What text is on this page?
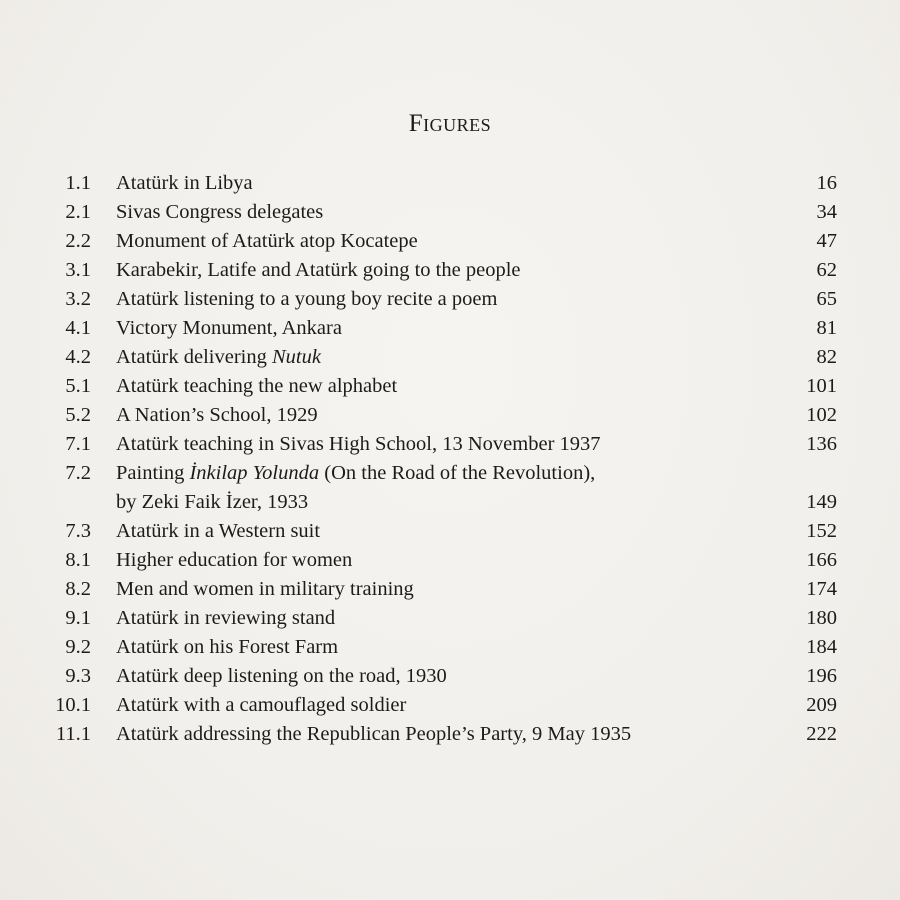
Figures
1.1 Atatürk in Libya	16
2.1 Sivas Congress delegates	34
2.2 Monument of Atatürk atop Kocatepe	47
3.1 Karabekir, Latife and Atatürk going to the people	62
3.2 Atatürk listening to a young boy recite a poem	65
4.1 Victory Monument, Ankara	81
4.2 Atatürk delivering Nutuk	82
5.1 Atatürk teaching the new alphabet	101
5.2 A Nation’s School, 1929	102
7.1 Atatürk teaching in Sivas High School, 13 November 1937	136
7.2 Painting İnkilap Yolunda (On the Road of the Revolution),
by Zeki Faik İzer, 1933	149
7.3 Atatürk in a Western suit	152
8.1 Higher education for women	166
8.2 Men and women in military training	174
9.1 Atatürk in reviewing stand	180
9.2 Atatürk on his Forest Farm	184
9.3 Atatürk deep listening on the road, 1930	196
10.1 Atatürk with a camouflaged soldier	209
11.1 Atatürk addressing the Republican People’s Party, 9 May 1935	222
